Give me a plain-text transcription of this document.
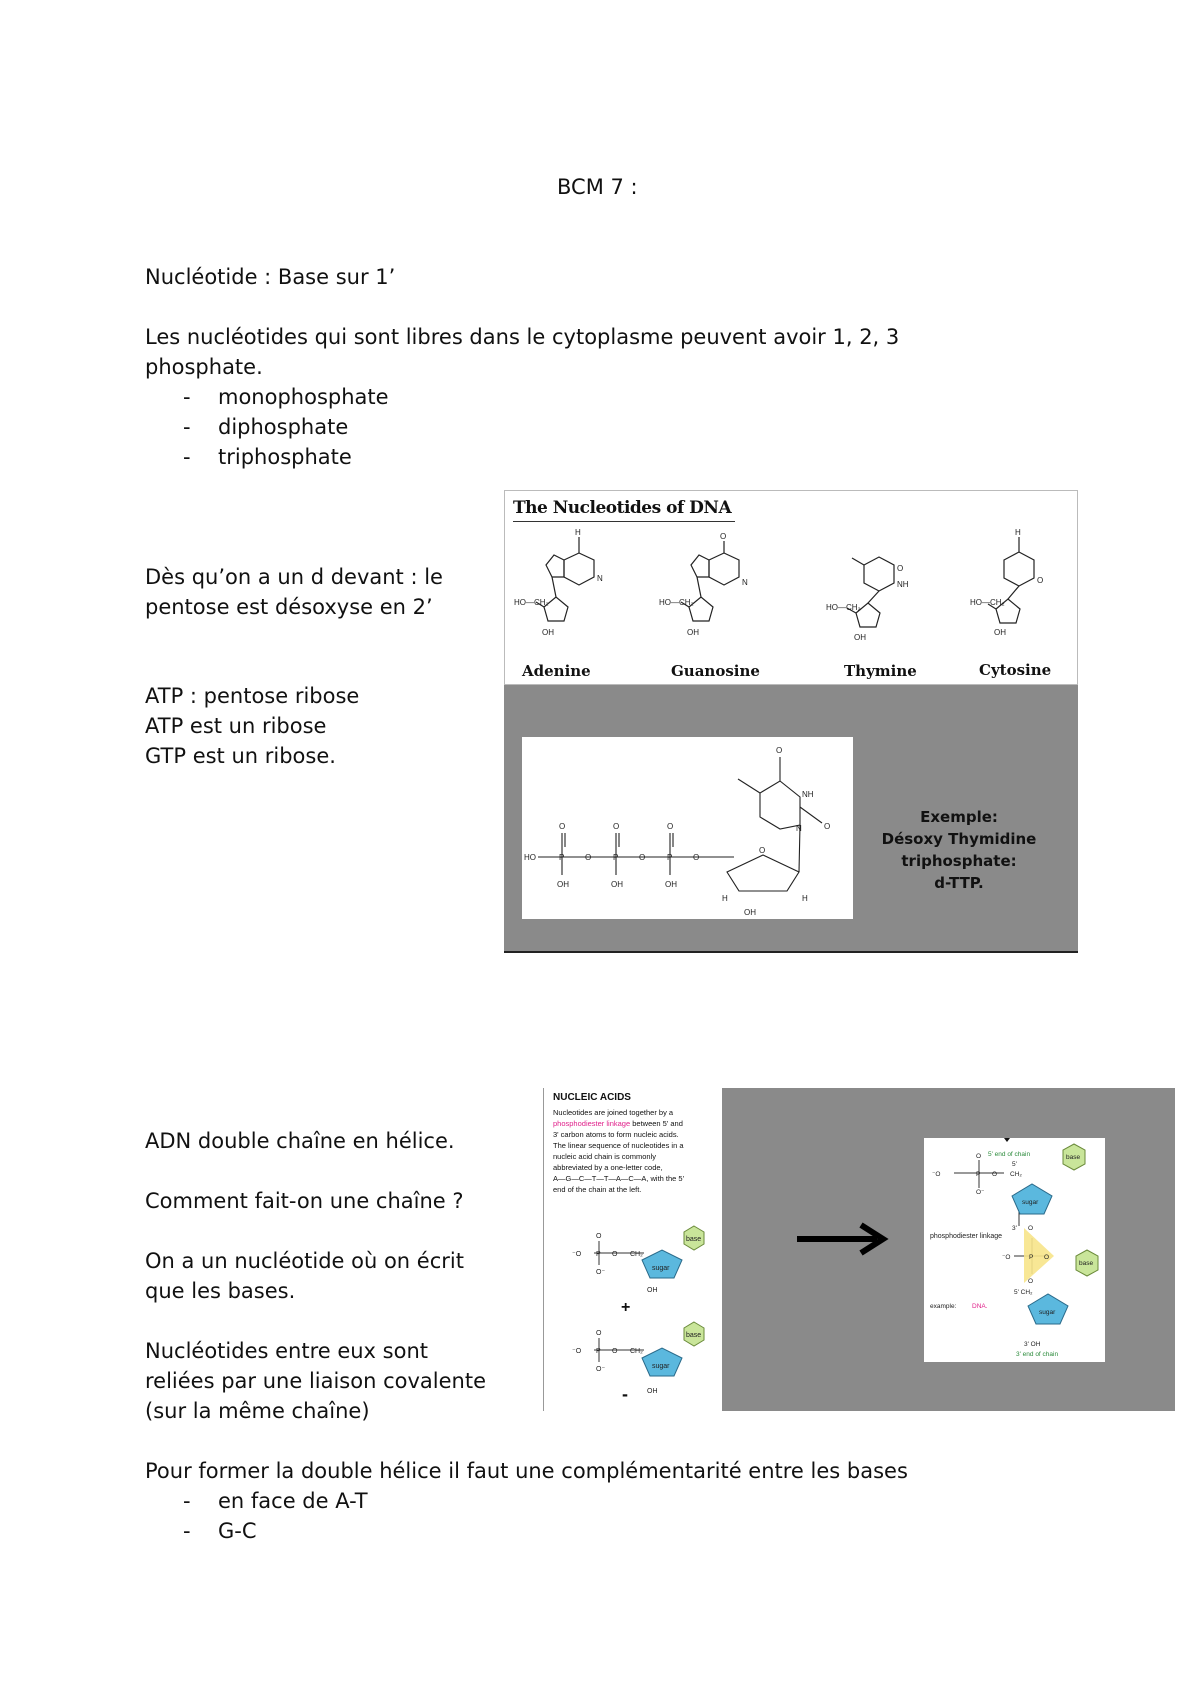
BCM 7 :
Nucléotide : Base sur 1’
Les nucléotides qui sont libres dans le cytoplasme peuvent avoir 1, 2, 3
phosphate.
- monophosphate
- diphosphate
- triphosphate
Dès qu’on a un d devant : le
pentose est désoxyse en 2’
ATP : pentose ribose
ATP est un ribose
GTP est un ribose.
ADN double chaîne en hélice.
Comment fait-on une chaîne ?
On a un nucléotide où on écrit
que les bases.
Nucléotides entre eux sont
reliées par une liaison covalente
(sur la même chaîne)
Pour former la double hélice il faut une complémentarité entre les bases
- en face de A-T
- G-C
The Nucleotides of DNA
HO—CH₂	HO—CH₂
HO—CH₂
HO—CH₂
OH	OH
OH
OH
H	O	H
O
NH	O
N
N
Adenine	Guanosine	Thymine	Cytosine
HO
O	O	O
P	P	P
O	O	O
OH	OH	OH
O
O
NH
N	O
OH
H	H
Exemple:
Désoxy Thymidine
triphosphate:
d-TTP.
NUCLEIC ACIDS
Nucleotides are joined together by a
phosphodiester linkage between 5' and
3' carbon atoms to form nucleic acids.
The linear sequence of nucleotides in a
nucleic acid chain is commonly
abbreviated by a one-letter code,
A—G—C—T—T—A—C—A, with the 5'
end of the chain at the left.
base
sugar
base
sugar
⁻O
O
P
O⁻
O CH₂
OH
⁻O
O
P
O⁻
O CH₂
OH
+
-
5' end of chain	base
sugar
base
sugar
⁻O
O
P
O⁻
O CH₂
5'
phosphodiester linkage
3' O
⁻O	P O
O
5' CH₂
3' OH
3' end of chain
example: DNA.
